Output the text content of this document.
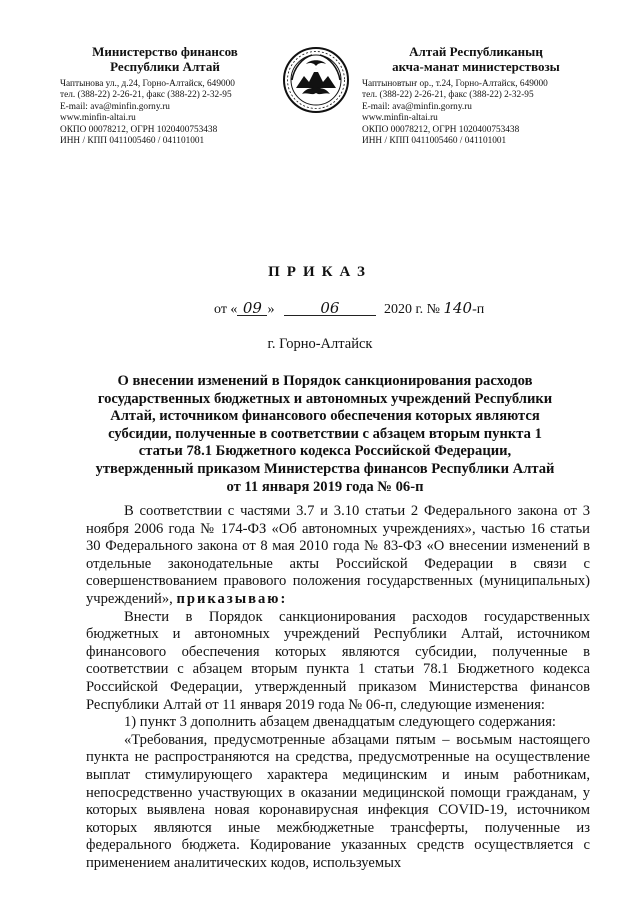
Министерство финансов
Республики Алтай
Чаптынова ул., д.24, Горно-Алтайск, 649000
тел. (388-22) 2-26-21, факс (388-22) 2-32-95
E-mail: ava@minfin.gorny.ru
www.minfin-altai.ru
ОКПО 00078212, ОГРН 1020400753438
ИНН / КПП 0411005460 / 041101001
Алтай Республиканың
акча-манат министерствозы
Чаптыновтыҥ ор., т.24, Горно-Алтайск, 649000
тел. (388-22) 2-26-21, факс (388-22) 2-32-95
E-mail: ava@minfin.gorny.ru
www.minfin-altai.ru
ОКПО 00078212, ОГРН 1020400753438
ИНН / КПП 0411005460 / 041101001
ПРИКАЗ
от « 09 »	06	2020 г. № 140-п
г. Горно-Алтайск
О внесении изменений в Порядок санкционирования расходов государственных бюджетных и автономных учреждений Республики Алтай, источником финансового обеспечения которых являются субсидии, полученные в соответствии с абзацем вторым пункта 1 статьи 78.1 Бюджетного кодекса Российской Федерации, утвержденный приказом Министерства финансов Республики Алтай от 11 января 2019 года № 06-п

В соответствии с частями 3.7 и 3.10 статьи 2 Федерального закона от 3 ноября 2006 года № 174-ФЗ «Об автономных учреждениях», частью 16 статьи 30 Федерального закона от 8 мая 2010 года № 83-ФЗ «О внесении изменений в отдельные законодательные акты Российской Федерации в связи с совершенствованием правового положения государственных (муниципальных) учреждений», приказываю:

Внести в Порядок санкционирования расходов государственных бюджетных и автономных учреждений Республики Алтай, источником финансового обеспечения которых являются субсидии, полученные в соответствии с абзацем вторым пункта 1 статьи 78.1 Бюджетного кодекса Российской Федерации, утвержденный приказом Министерства финансов Республики Алтай от 11 января 2019 года № 06-п, следующие изменения:

1) пункт 3 дополнить абзацем двенадцатым следующего содержания:

«Требования, предусмотренные абзацами пятым – восьмым настоящего пункта не распространяются на средства, предусмотренные на осуществление выплат стимулирующего характера медицинским и иным работникам, непосредственно участвующих в оказании медицинской помощи гражданам, у которых выявлена новая коронавирусная инфекция COVID-19, источником которых являются иные межбюджетные трансферты, полученные из федерального бюджета. Кодирование указанных средств осуществляется с применением аналитических кодов, используемых
